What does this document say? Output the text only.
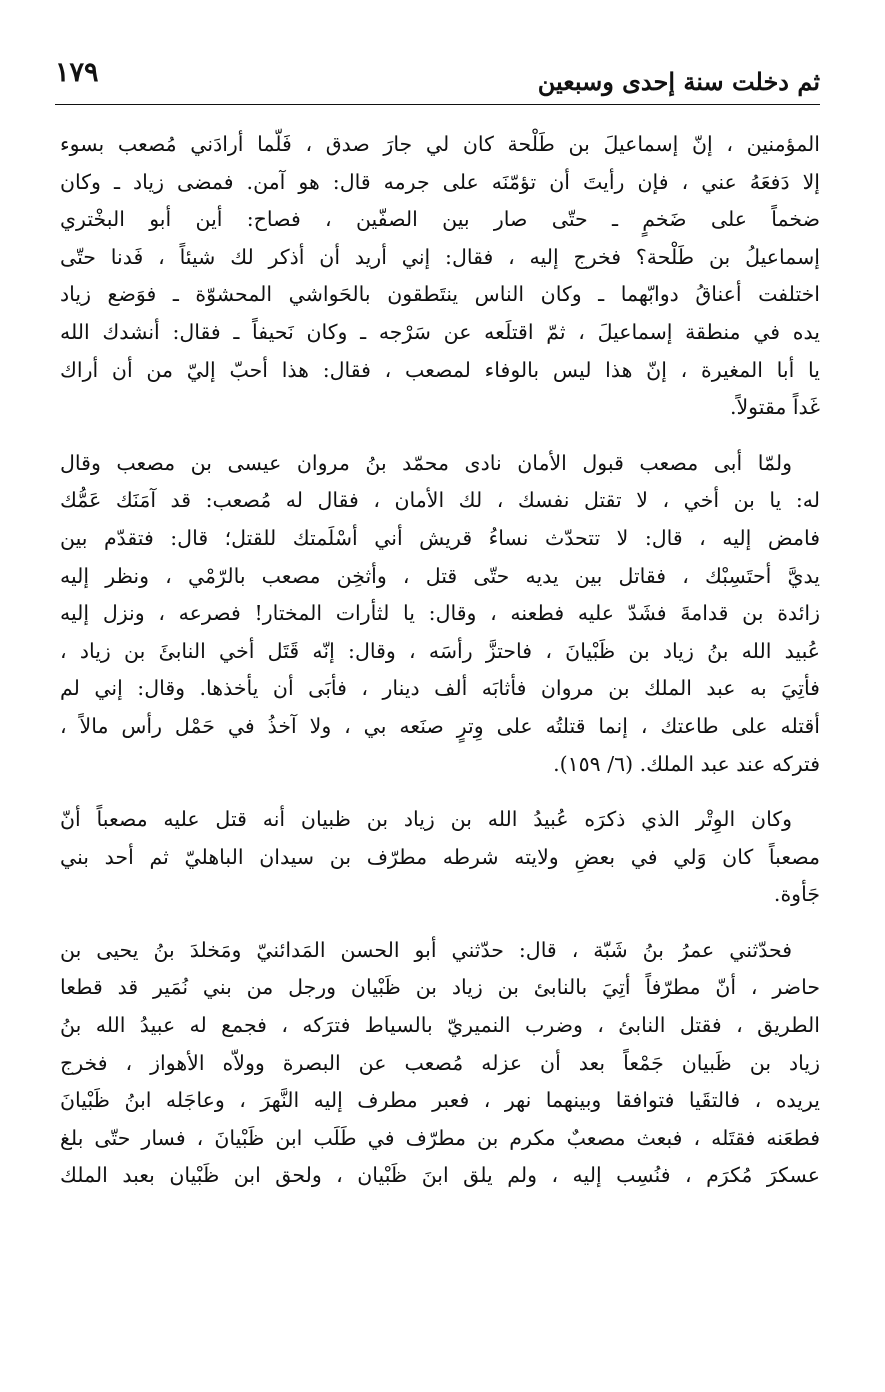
١٧٩	ثم دخلت سنة إحدى وسبعين
المؤمنين ، إنّ إسماعيلَ بن طَلْحة كان لي جارَ صدق ، فَلّما أرادَني مُصعب بسوء
إلا دَفعَهُ عني ، فإن رأيتَ أن تؤمّنَه على جرمه قال: هو آمن. فمضى زياد ـ وكان
ضخماً على ضَخمٍ ـ حتّى صار بين الصفّين ، فصاح: أين أبو البخْتري
إسماعيلُ بن طَلْحة؟ فخرج إليه ، فقال: إني أريد أن أذكر لك شيئاً ، فَدنا حتّى
اختلفت أعناقُ دوابّهما ـ وكان الناس ينتَطقون بالحَواشي المحشوّة ـ فوَضع زياد
يده في منطقة إسماعيلَ ، ثمّ اقتلَعه عن سَرْجه ـ وكان نَحيفاً ـ فقال: أنشدك الله
يا أبا المغيرة ، إنّ هذا ليس بالوفاء لمصعب ، فقال: هذا أحبّ إليّ من أن أراك
غَداً مقتولاً.
ولمّا أبى مصعب قبول الأمان نادى محمّد بنُ مروان عيسى بن مصعب وقال
له: يا بن أخي ، لا تقتل نفسك ، لك الأمان ، فقال له مُصعب: قد آمَنَك عَمُّك
فامض إليه ، قال: لا تتحدّث نساءُ قريش أني أسْلَمتك للقتل؛ قال: فتقدّم بين
يديَّ أحتَسِبْك ، فقاتل بين يديه حتّى قتل ، وأثخِن مصعب بالرّمْي ، ونظر إليه
زائدة بن قدامةَ فشَدّ عليه فطعنه ، وقال: يا لثأرات المختار! فصرعه ، ونزل إليه
عُبيد الله بنُ زياد بن ظَبْيانَ ، فاحتزَّ رأسَه ، وقال: إنّه قَتَل أخي النابئَ بن زياد ،
فأتِيَ به عبد الملك بن مروان فأثابَه ألف دينار ، فأبَى أن يأخذها. وقال: إني لم
أقتله على طاعتك ، إنما قتلتُه على وِترٍ صنَعه بي ، ولا آخذُ في حَمْل رأس مالاً ،
فتركه عند عبد الملك. (٦/ ١٥٩).
وكان الوِتْر الذي ذكرَه عُبيدُ الله بن زياد بن ظبيان أنه قتل عليه مصعباً أنّ
مصعباً كان وَلي في بعضِ ولايته شرطه مطرّف بن سيدان الباهليّ ثم أحد بني
جَأوة.
فحدّثني عمرُ بنُ شَبّة ، قال: حدّثني أبو الحسن المَدائنيّ ومَخلدَ بنُ يحيى بن
حاضر ، أنّ مطرّفاً أتِيَ بالنابئ بن زياد بن ظَبْيان ورجل من بني نُمَير قد قطعا
الطريق ، فقتل النابئ ، وضرب النميريّ بالسياط فترَكه ، فجمع له عبيدُ الله بنُ
زياد بن ظَبيان جَمْعاً بعد أن عزله مُصعب عن البصرة وولاّه الأهواز ، فخرج
يريده ، فالتقَيا فتوافقا وبينهما نهر ، فعبر مطرف إليه النَّهرَ ، وعاجَله ابنُ ظَبْيانَ
فطعَنه فقتَله ، فبعث مصعبٌ مكرم بن مطرّف في طَلَب ابن ظَبْيانَ ، فسار حتّى بلغ
عسكرَ مُكرَم ، فنُسِب إليه ، ولم يلق ابنَ ظَبْيان ، ولحق ابن ظَبْيان بعبد الملك
